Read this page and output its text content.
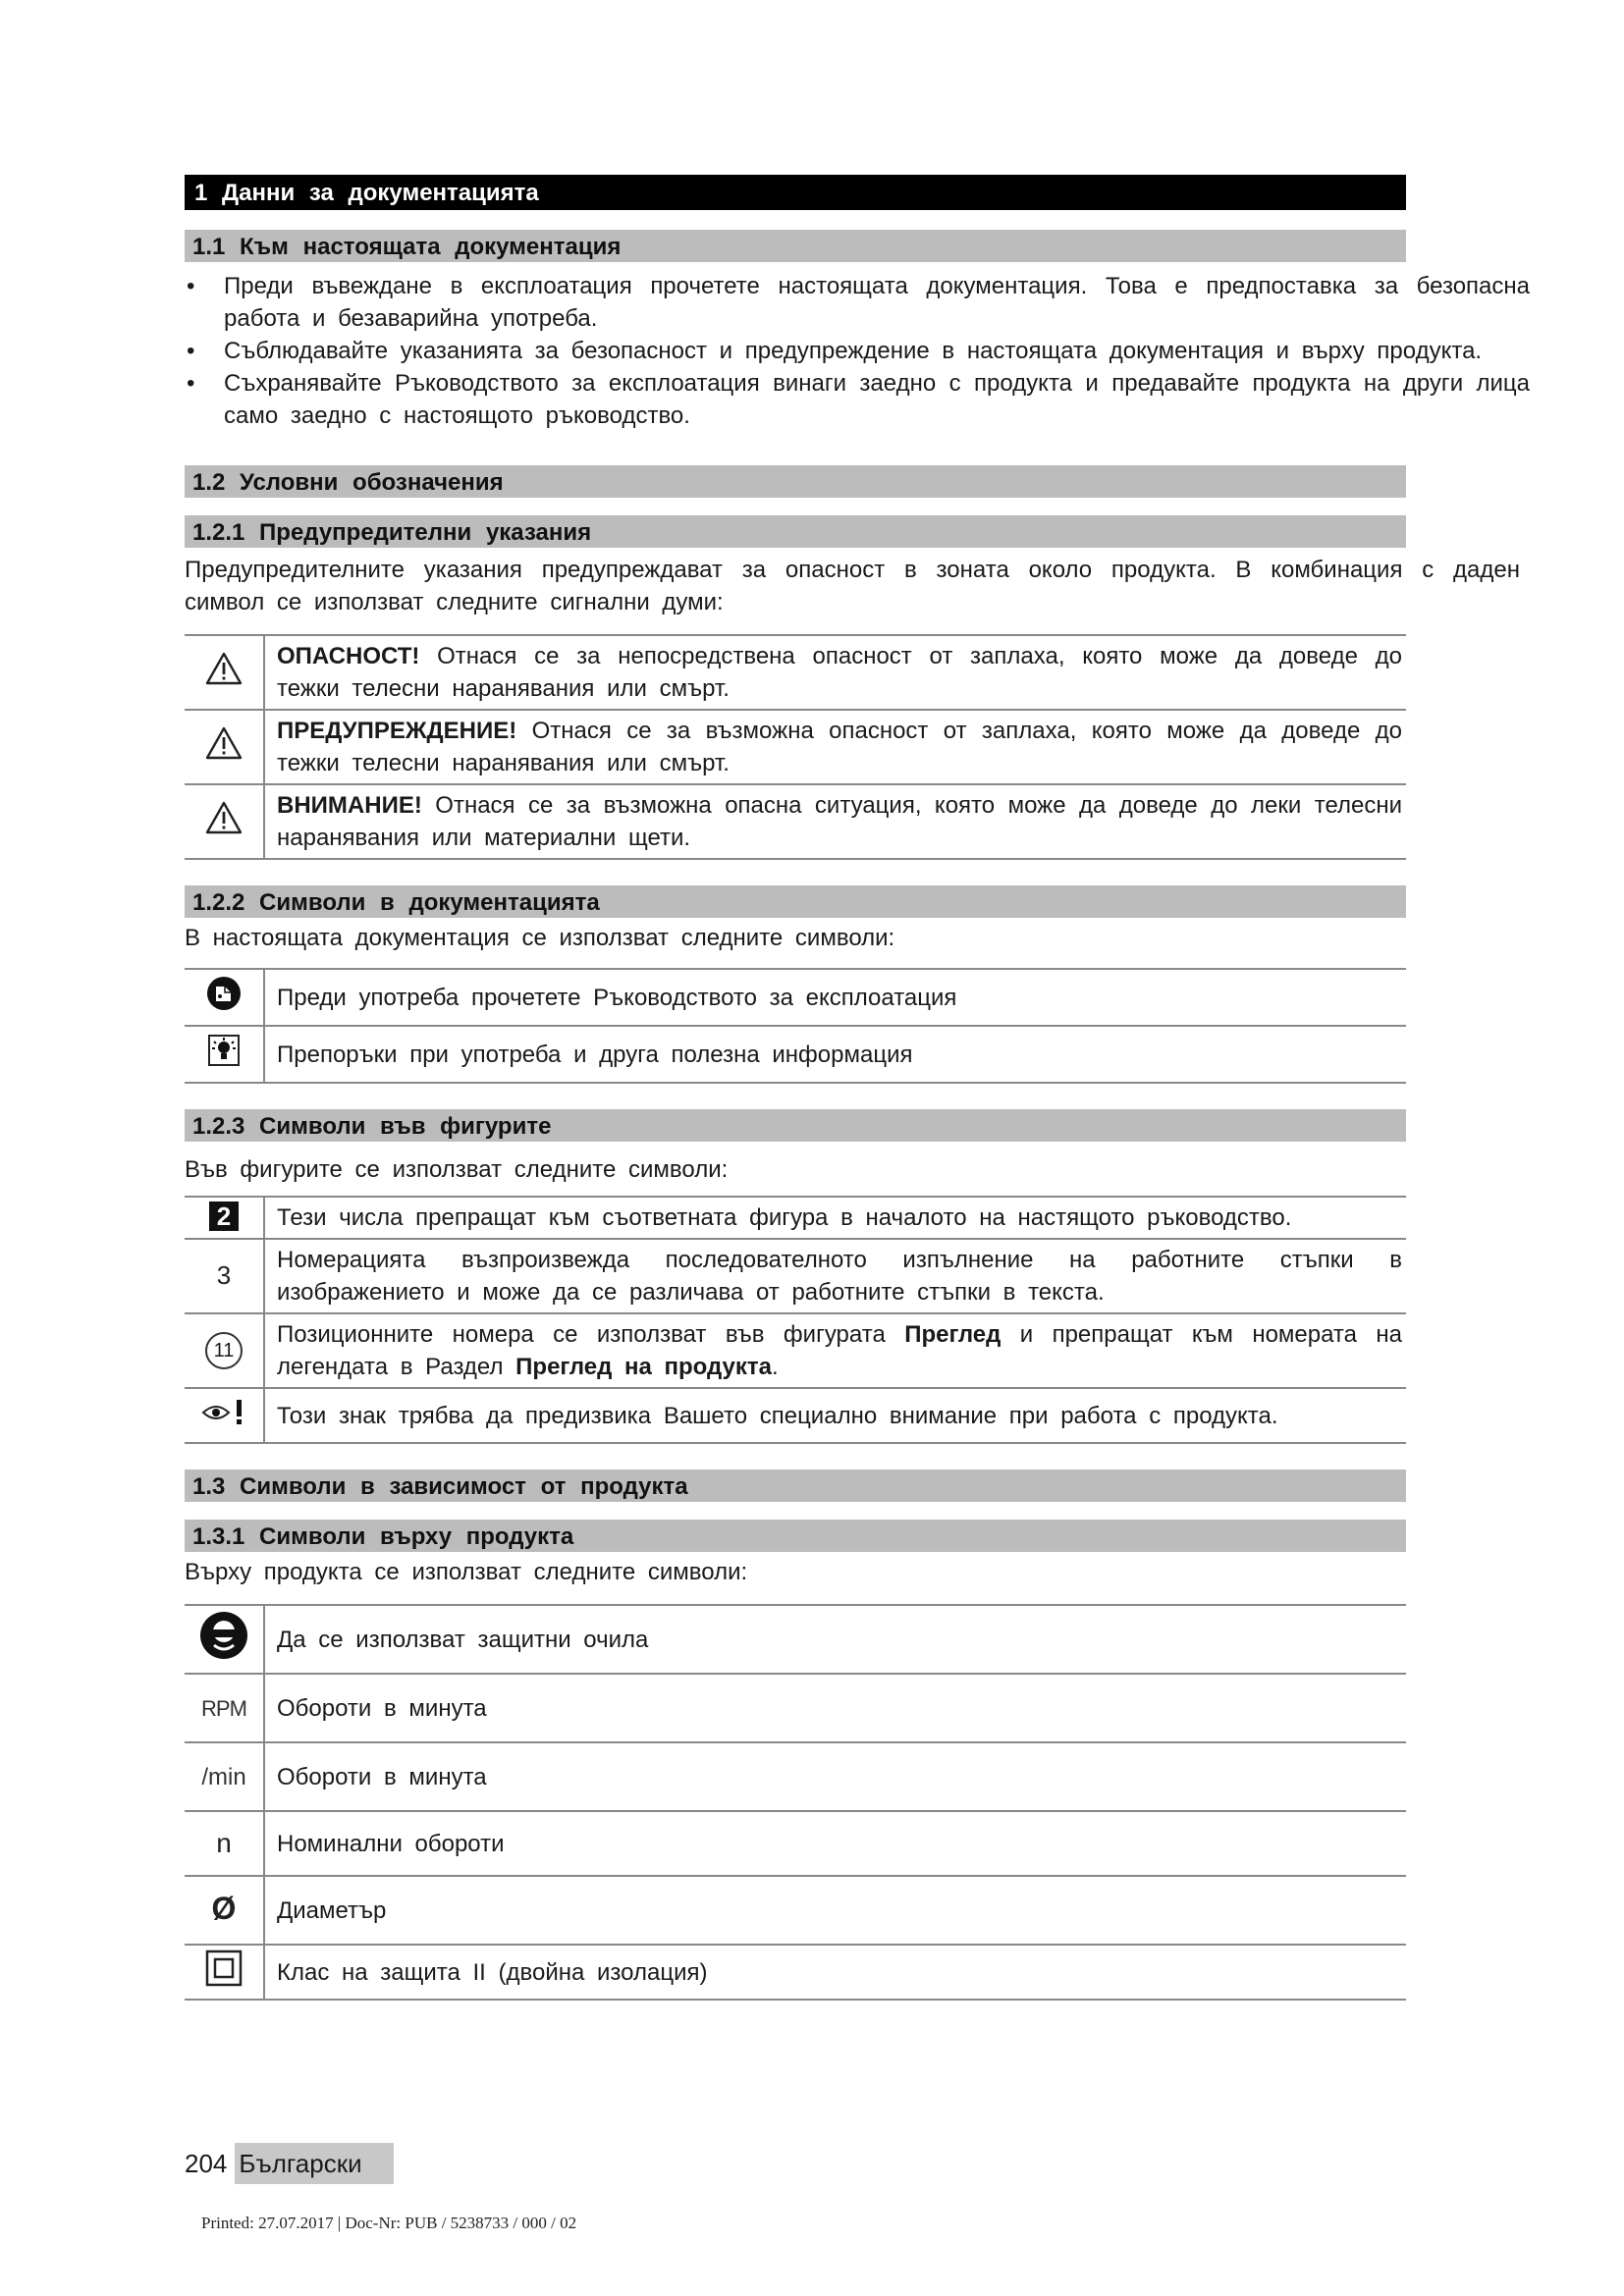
1 Данни за документацията
1.1 Към настоящата документация
• Преди въвеждане в експлоатация прочетете настоящата документация. Това е предпоставка за безопасна работа и безаварийна употреба.
• Съблюдавайте указанията за безопасност и предупреждение в настоящата документация и върху продукта.
• Съхранявайте Ръководството за експлоатация винаги заедно с продукта и предавайте продукта на други лица само заедно с настоящото ръководство.
1.2 Условни обозначения
1.2.1 Предупредителни указания
Предупредителните указания предупреждават за опасност в зоната около продукта. В комбинация с даден символ се използват следните сигнални думи:
	ОПАСНОСТ! Отнася се за непосредствена опасност от заплаха, която може да доведе до тежки телесни наранявания или смърт.
	ПРЕДУПРЕЖДЕНИЕ! Отнася се за възможна опасност от заплаха, която може да доведе до тежки телесни наранявания или смърт.
	ВНИМАНИЕ! Отнася се за възможна опасна ситуация, която може да доведе до леки телесни наранявания или материални щети.
1.2.2 Символи в документацията
В настоящата документация се използват следните символи:
	Преди употреба прочетете Ръководството за експлоатация
	Препоръки при употреба и друга полезна информация
1.2.3 Символи във фигурите
Във фигурите се използват следните символи:
2	Тези числа препращат към съответната фигура в началото на настящото ръководство.
3	Номерацията възпроизвежда последователното изпълнение на работните стъпки в изображението и може да се различава от работните стъпки в текста.
11	Позиционните номера се използват във фигурата Преглед и препращат към номерата на легендата в Раздел Преглед на продукта.
	Този знак трябва да предизвика Вашето специално внимание при работа с продукта.
1.3 Символи в зависимост от продукта
1.3.1 Символи върху продукта
Върху продукта се използват следните символи:
	Да се използват защитни очила
RPM	Обороти в минута
/min	Обороти в минута
n	Номинални обороти
Ø	Диаметър
	Клас на защита II (двойна изолация)
204 Български
Printed: 27.07.2017 | Doc-Nr: PUB / 5238733 / 000 / 02
